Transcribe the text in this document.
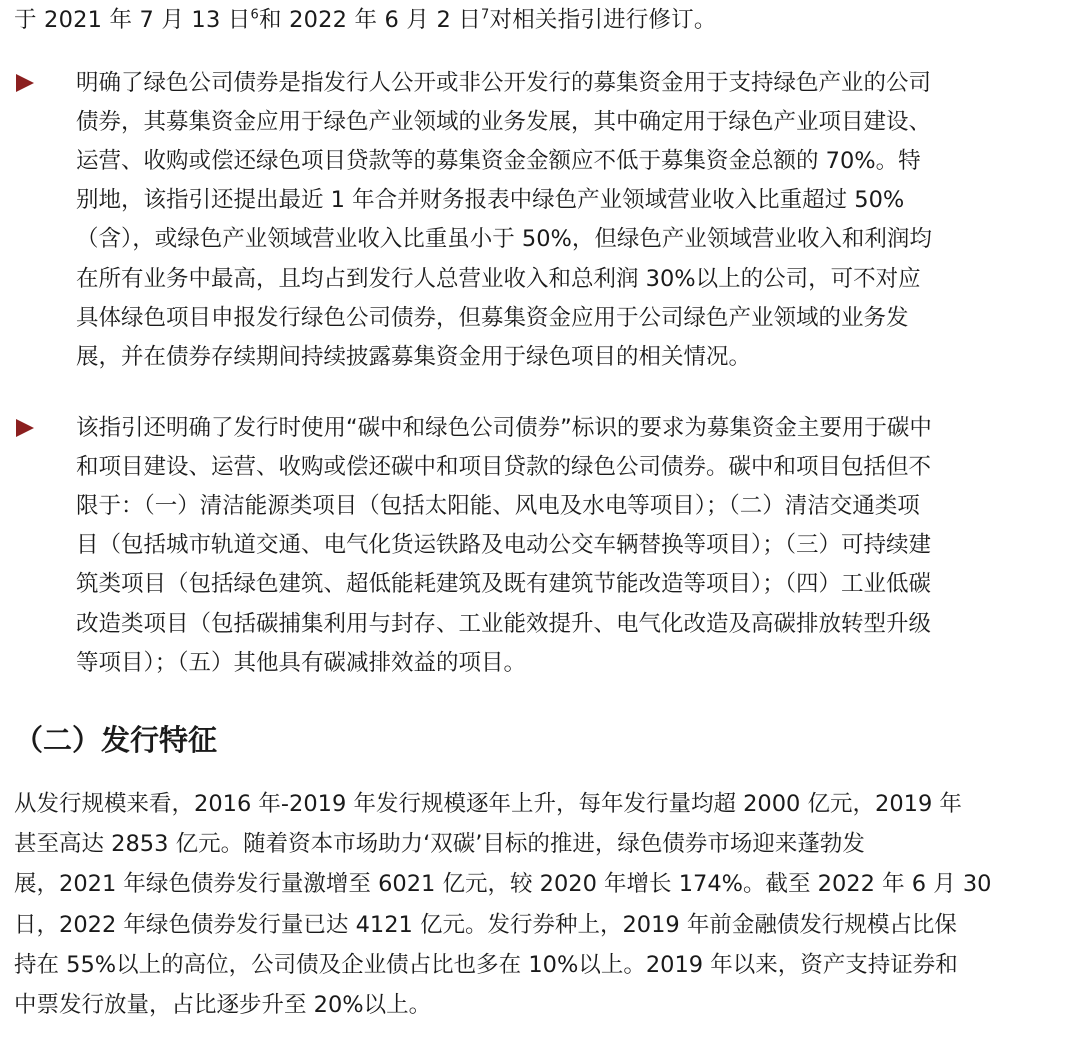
于 2021 年 7 月 13 日$^6$和 2022 年 6 月 2 日$^7$对相关指引进行修订。
明确了绿色公司债券是指发行人公开或非公开发行的募集资金用于支持绿色产业的公司
债券，其募集资金应用于绿色产业领域的业务发展，其中确定用于绿色产业项目建设、
运营、收购或偿还绿色项目贷款等的募集资金金额应不低于募集资金总额的 70%。特
别地，该指引还提出最近 1 年合并财务报表中绿色产业领域营业收入比重超过 50%
（含），或绿色产业领域营业收入比重虽小于 50%，但绿色产业领域营业收入和利润均
在所有业务中最高，且均占到发行人总营业收入和总利润 30%以上的公司，可不对应
具体绿色项目申报发行绿色公司债券，但募集资金应用于公司绿色产业领域的业务发
展，并在债券存续期间持续披露募集资金用于绿色项目的相关情况。
该指引还明确了发行时使用“碳中和绿色公司债券”标识的要求为募集资金主要用于碳中
和项目建设、运营、收购或偿还碳中和项目贷款的绿色公司债券。碳中和项目包括但不
限于：（一）清洁能源类项目（包括太阳能、风电及水电等项目）；（二）清洁交通类项
目（包括城市轨道交通、电气化货运铁路及电动公交车辆替换等项目）；（三）可持续建
筑类项目（包括绿色建筑、超低能耗建筑及既有建筑节能改造等项目）；（四）工业低碳
改造类项目（包括碳捕集利用与封存、工业能效提升、电气化改造及高碳排放转型升级
等项目）；（五）其他具有碳减排效益的项目。
（二）发行特征
从发行规模来看，2016 年-2019 年发行规模逐年上升，每年发行量均超 2000 亿元，2019 年
甚至高达 2853 亿元。随着资本市场助力‘双碳’目标的推进，绿色债券市场迎来蓬勃发
展，2021 年绿色债券发行量激增至 6021 亿元，较 2020 年增长 174%。截至 2022 年 6 月 30
日，2022 年绿色债券发行量已达 4121 亿元。发行券种上，2019 年前金融债发行规模占比保
持在 55%以上的高位，公司债及企业债占比也多在 10%以上。2019 年以来，资产支持证券和
中票发行放量，占比逐步升至 20%以上。
